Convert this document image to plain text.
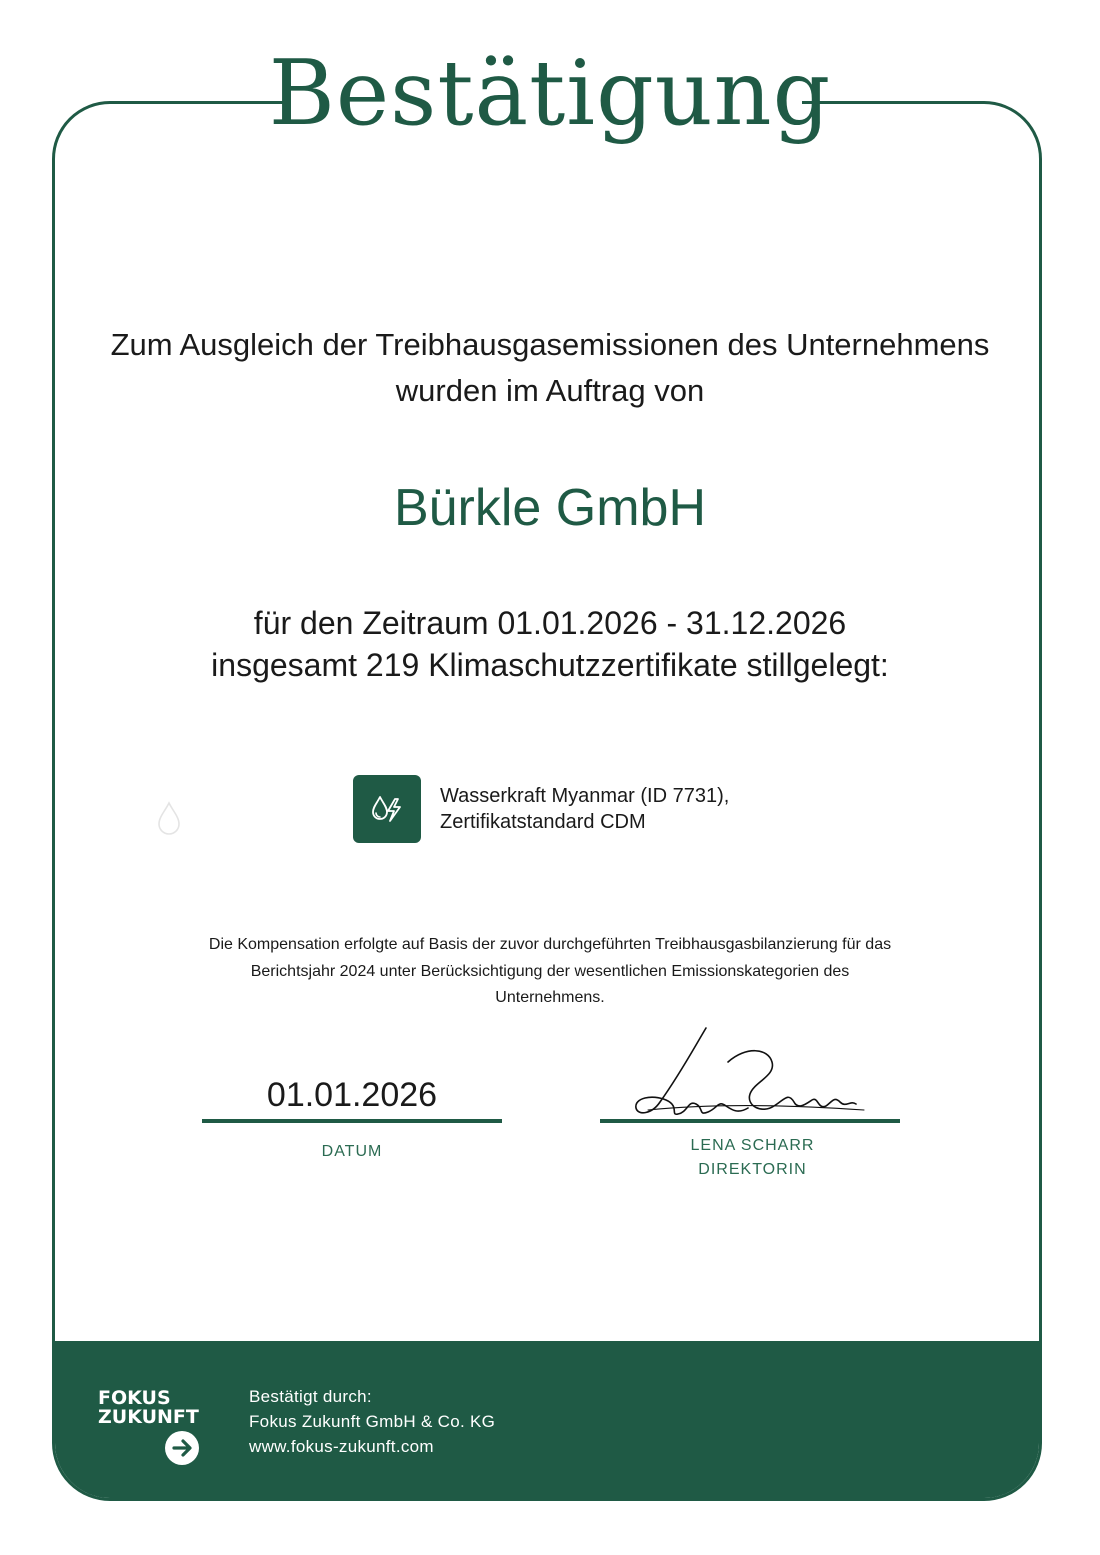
FOKUS
ZUKUNFT
Bestätigt durch:
Fokus Zukunft GmbH & Co. KG
www.fokus-zukunft.com
Bestätigung
Zum Ausgleich der Treibhausgasemissionen des Unternehmens
wurden im Auftrag von
Bürkle GmbH
für den Zeitraum 01.01.2026 - 31.12.2026
insgesamt 219 Klimaschutzzertifikate stillgelegt:
Wasserkraft Myanmar (ID 7731),
Zertifikatstandard CDM
Die Kompensation erfolgte auf Basis der zuvor durchgeführten Treibhausgasbilanzierung für das
Berichtsjahr 2024 unter Berücksichtigung der wesentlichen Emissionskategorien des
Unternehmens.
01.01.2026
DATUM	LENA SCHARR
DIREKTORIN
